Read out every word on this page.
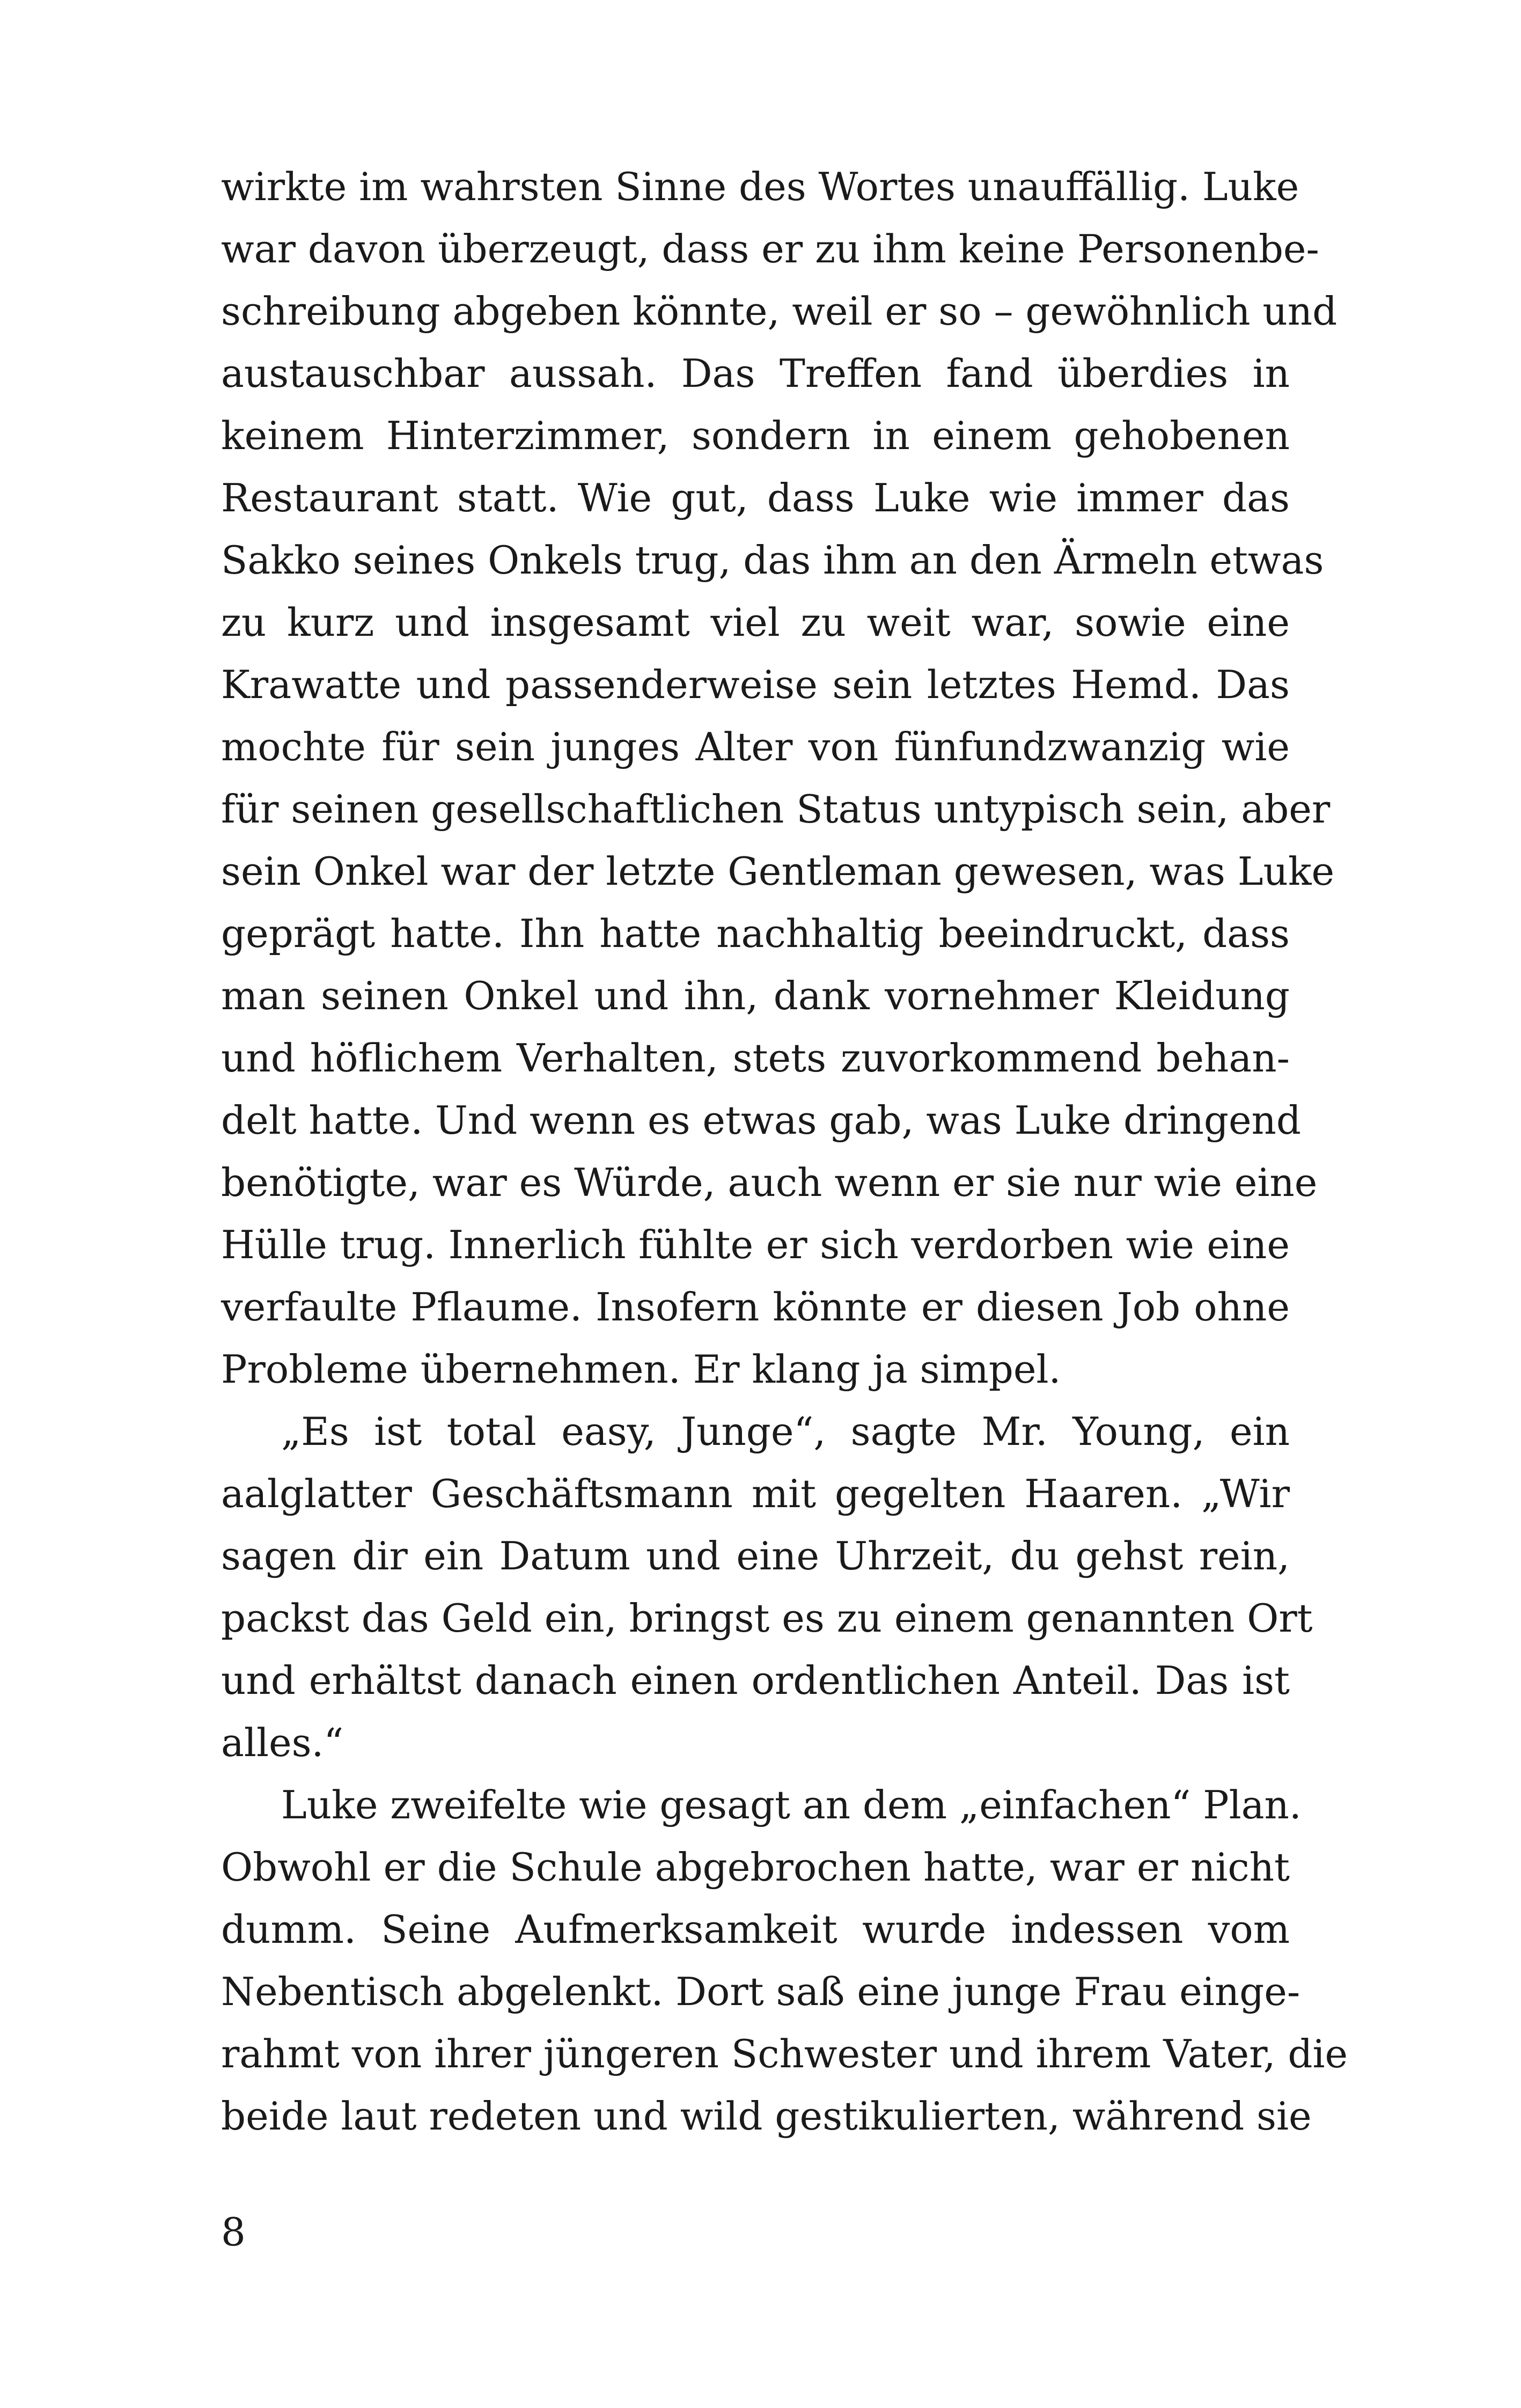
wirkte im wahrsten Sinne des Wortes unauffällig. Luke
war davon überzeugt, dass er zu ihm keine Personenbe-
schreibung abgeben könnte, weil er so – gewöhnlich und
austauschbar aussah. Das Treffen fand überdies in
keinem Hinterzimmer, sondern in einem gehobenen
Restaurant statt. Wie gut, dass Luke wie immer das
Sakko seines Onkels trug, das ihm an den Ärmeln etwas
zu kurz und insgesamt viel zu weit war, sowie eine
Krawatte und passenderweise sein letztes Hemd. Das
mochte für sein junges Alter von fünfundzwanzig wie
für seinen gesellschaftlichen Status untypisch sein, aber
sein Onkel war der letzte Gentleman gewesen, was Luke
geprägt hatte. Ihn hatte nachhaltig beeindruckt, dass
man seinen Onkel und ihn, dank vornehmer Kleidung
und höflichem Verhalten, stets zuvorkommend behan-
delt hatte. Und wenn es etwas gab, was Luke dringend
benötigte, war es Würde, auch wenn er sie nur wie eine
Hülle trug. Innerlich fühlte er sich verdorben wie eine
verfaulte Pflaume. Insofern könnte er diesen Job ohne
Probleme übernehmen. Er klang ja simpel.
„Es ist total easy, Junge“, sagte Mr. Young, ein
aalglatter Geschäftsmann mit gegelten Haaren. „Wir
sagen dir ein Datum und eine Uhrzeit, du gehst rein,
packst das Geld ein, bringst es zu einem genannten Ort
und erhältst danach einen ordentlichen Anteil. Das ist
alles.“
Luke zweifelte wie gesagt an dem „einfachen“ Plan.
Obwohl er die Schule abgebrochen hatte, war er nicht
dumm. Seine Aufmerksamkeit wurde indessen vom
Nebentisch abgelenkt. Dort saß eine junge Frau einge-
rahmt von ihrer jüngeren Schwester und ihrem Vater, die
beide laut redeten und wild gestikulierten, während sie
8
